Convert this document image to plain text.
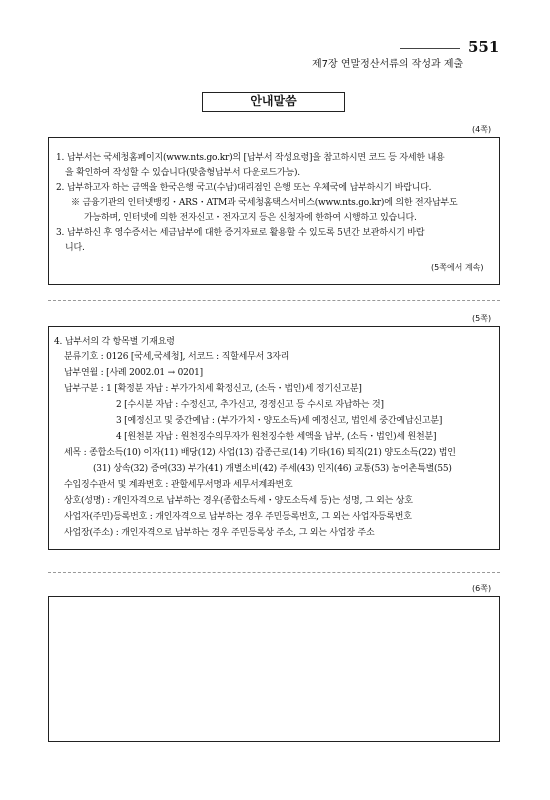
551
제7장 연말정산서류의 작성과 제출
안내말씀
(4쪽)
1. 납부서는 국세청홈페이지(www.nts.go.kr)의 [납부서 작성요령]을 참고하시면 코드 등 자세한 내용
을 확인하여 작성할 수 있습니다(맞춤형납부서 다운로드가능).
2. 납부하고자 하는 금액을 한국은행 국고(수납)대리점인 은행 또는 우체국에 납부하시기 바랍니다.
※ 금융기관의 인터넷뱅킹・ARS・ATM과 국세청홈택스서비스(www.nts.go.kr)에 의한 전자납부도
가능하며, 인터넷에 의한 전자신고・전자고지 등은 신청자에 한하여 시행하고 있습니다.
3. 납부하신 후 영수증서는 세금납부에 대한 증거자료로 활용할 수 있도록 5년간 보관하시기 바랍
니다.
(5쪽에서 계속)
(5쪽)
4. 납부서의 각 항목별 기재요령
분류기호 : 0126 [국세,국세청], 서코드 : 직할세무서 3자리
납부연월 : [사례 2002.01 → 0201]
납부구분 : 1 [확정분 자납 : 부가가치세 확정신고, (소득・법인)세 정기신고분]
2 [수시분 자납 : 수정신고, 추가신고, 경정신고 등 수시로 자납하는 것]
3 [예정신고 및 중간예납 : (부가가치・양도소득)세 예정신고, 법인세 중간예납신고분]
4 [원천분 자납 : 원천징수의무자가 원천징수한 세액을 납부, (소득・법인)세 원천분]
세목 : 종합소득(10) 이자(11) 배당(12) 사업(13) 갑종근로(14) 기타(16) 퇴직(21) 양도소득(22) 법인
(31) 상속(32) 증여(33) 부가(41) 개별소비(42) 주세(43) 인지(46) 교통(53) 농어촌특별(55)
수입징수관서 및 계좌번호 : 관할세무서명과 세무서계좌번호
상호(성명) : 개인자격으로 납부하는 경우(종합소득세・양도소득세 등)는 성명, 그 외는 상호
사업자(주민)등록번호 : 개인자격으로 납부하는 경우 주민등록번호, 그 외는 사업자등록번호
사업장(주소) : 개인자격으로 납부하는 경우 주민등록상 주소, 그 외는 사업장 주소
(6쪽)
